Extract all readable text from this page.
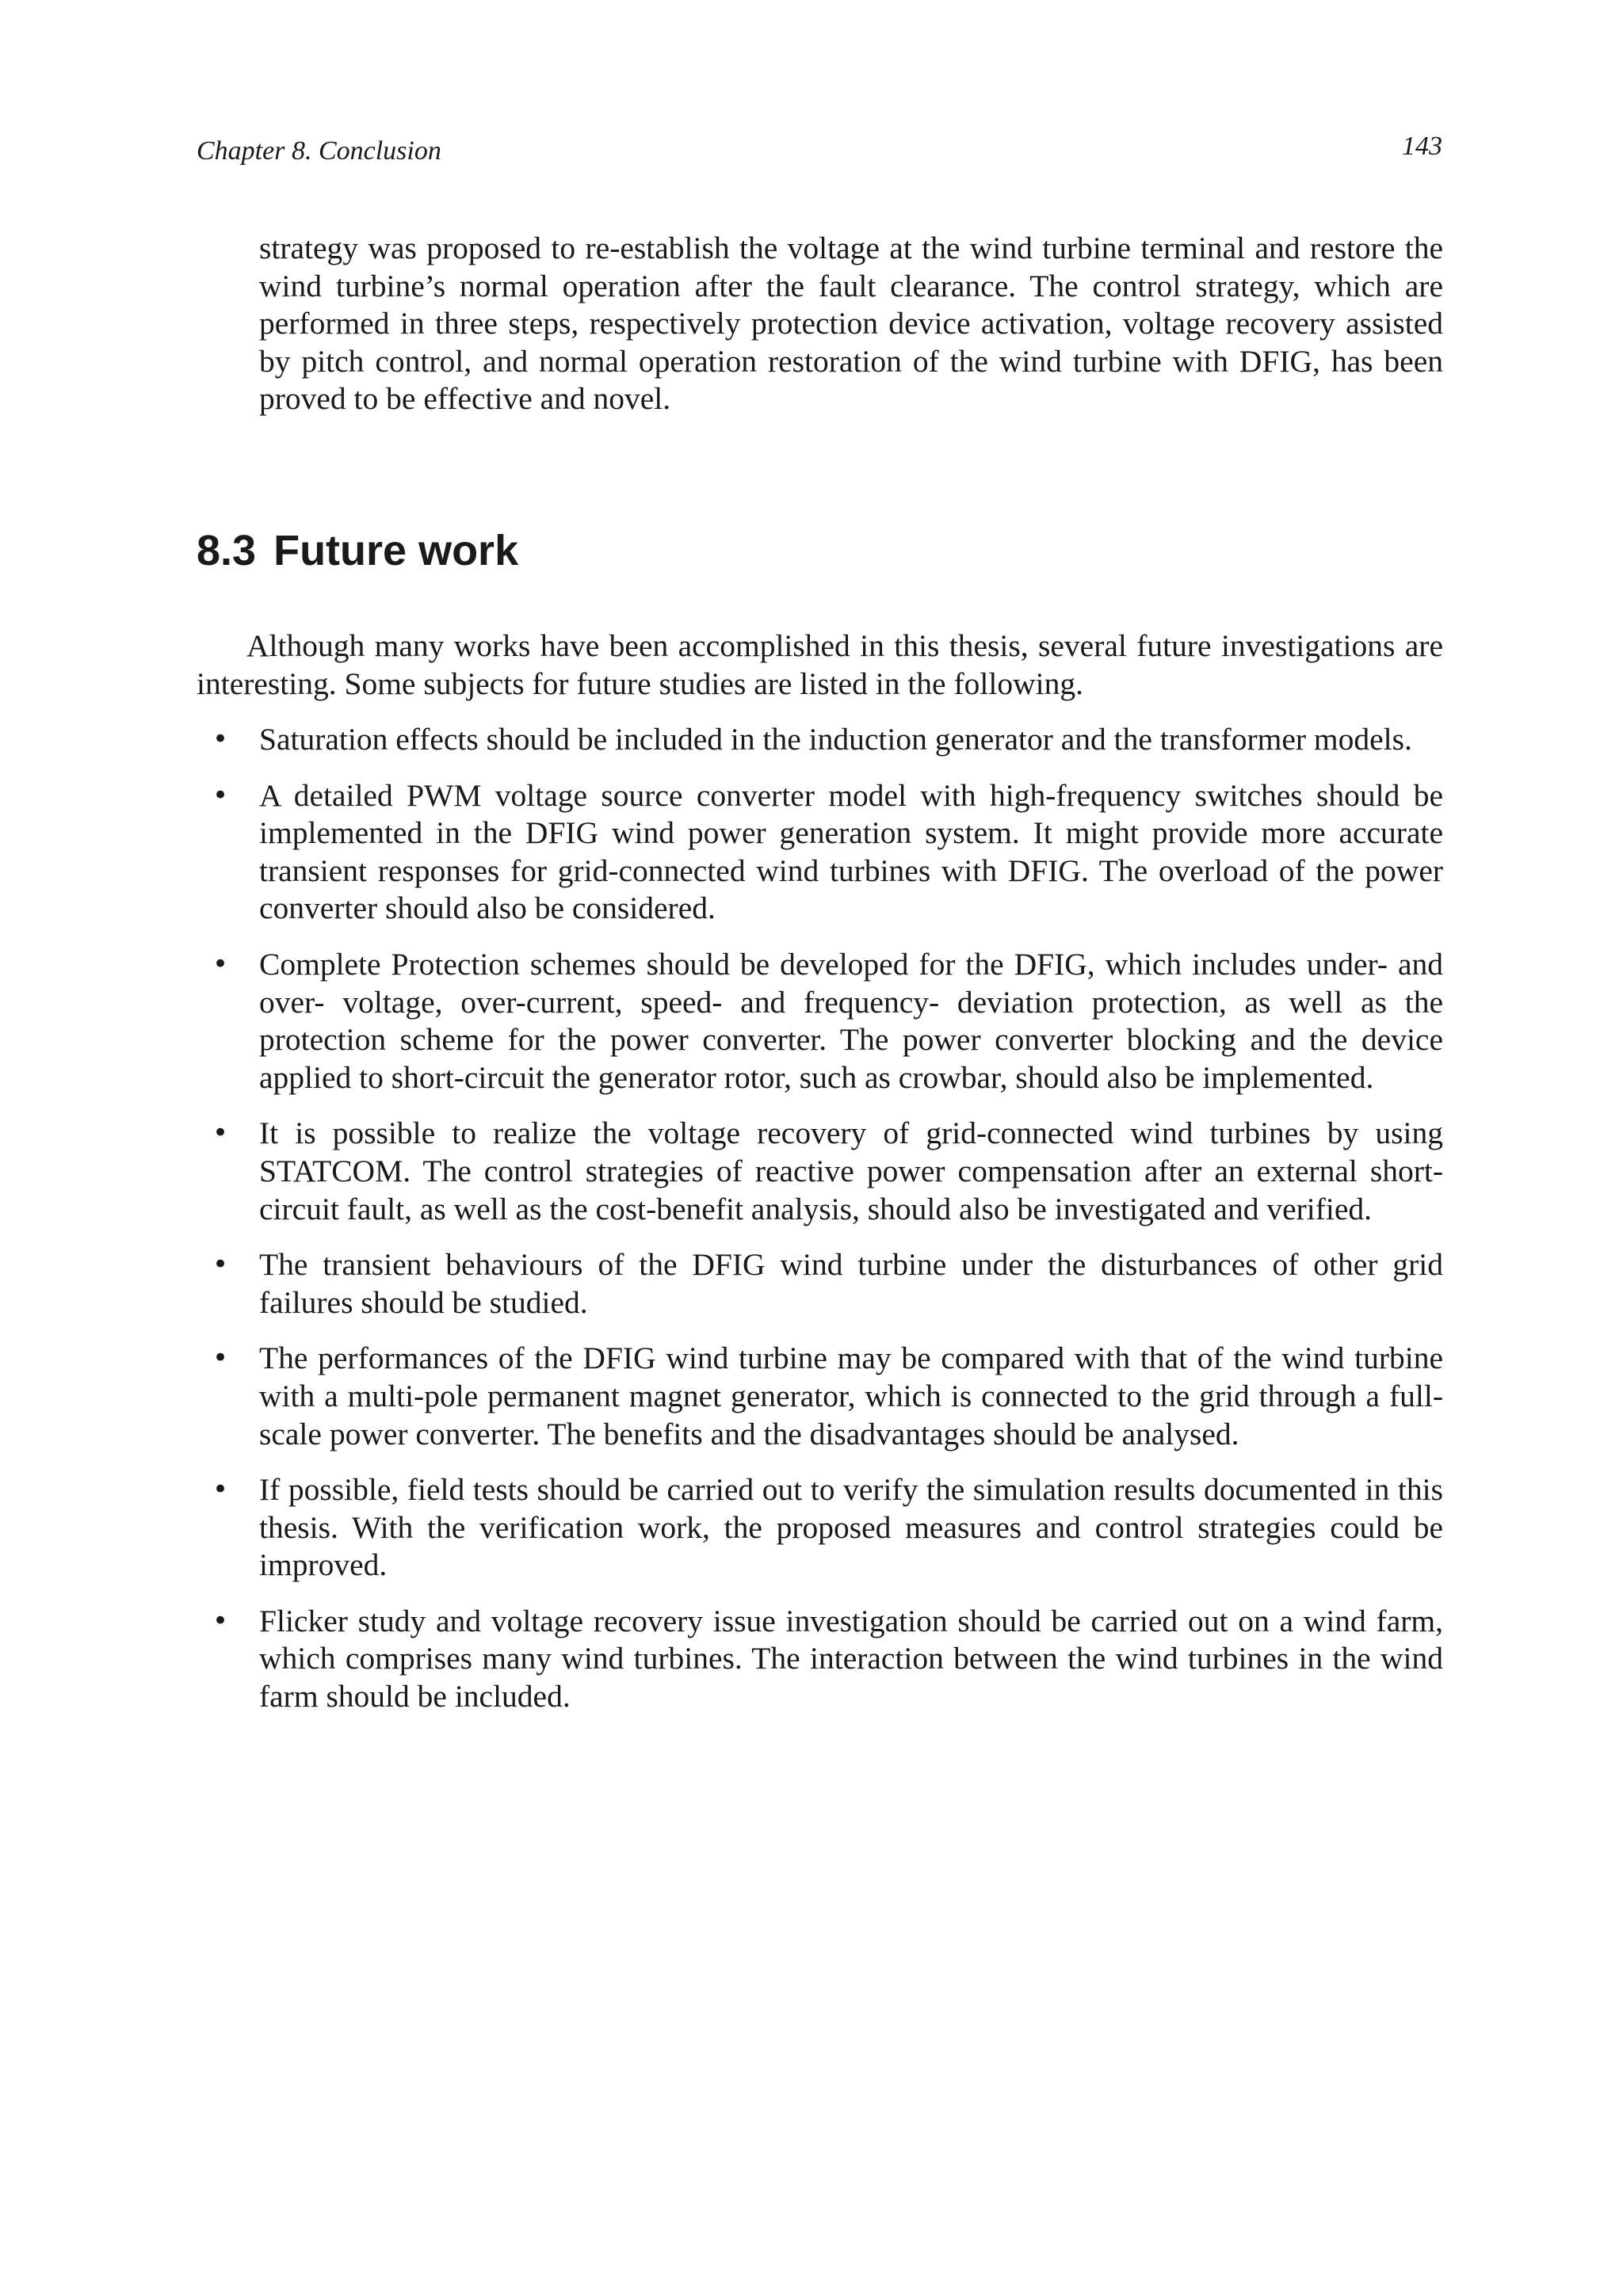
Chapter 8. Conclusion	143

strategy was proposed to re-establish the voltage at the wind turbine terminal and restore the wind turbine’s normal operation after the fault clearance. The control strategy, which are performed in three steps, respectively protection device activation, voltage recovery assisted by pitch control, and normal operation restoration of the wind turbine with DFIG, has been proved to be effective and novel.

8.3 Future work

Although many works have been accomplished in this thesis, several future investigations are interesting. Some subjects for future studies are listed in the following.

• Saturation effects should be included in the induction generator and the transformer models.
• A detailed PWM voltage source converter model with high-frequency switches should be implemented in the DFIG wind power generation system. It might provide more accurate transient responses for grid-connected wind turbines with DFIG. The overload of the power converter should also be considered.
• Complete Protection schemes should be developed for the DFIG, which includes under- and over- voltage, over-current, speed- and frequency- deviation protection, as well as the protection scheme for the power converter. The power converter blocking and the device applied to short-circuit the generator rotor, such as crowbar, should also be implemented.
• It is possible to realize the voltage recovery of grid-connected wind turbines by using STATCOM. The control strategies of reactive power compensation after an external short-circuit fault, as well as the cost-benefit analysis, should also be investigated and verified.
• The transient behaviours of the DFIG wind turbine under the disturbances of other grid failures should be studied.
• The performances of the DFIG wind turbine may be compared with that of the wind turbine with a multi-pole permanent magnet generator, which is connected to the grid through a full-scale power converter. The benefits and the disadvantages should be analysed.
• If possible, field tests should be carried out to verify the simulation results documented in this thesis. With the verification work, the proposed measures and control strategies could be improved.
• Flicker study and voltage recovery issue investigation should be carried out on a wind farm, which comprises many wind turbines. The interaction between the wind turbines in the wind farm should be included.
